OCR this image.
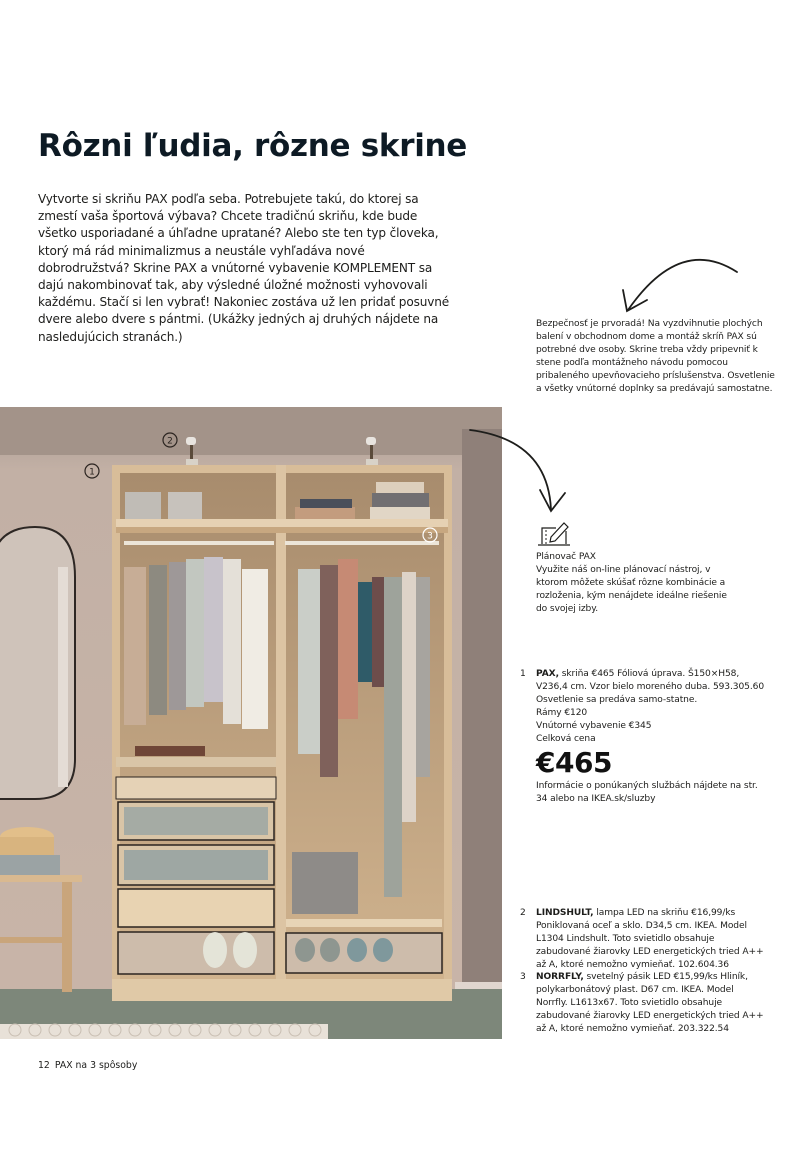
Rôzni ľudia, rôzne skrine

Vytvorte si skriňu PAX podľa seba. Potrebujete takú, do ktorej sa zmestí vaša športová výbava? Chcete tradičnú skriňu, kde bude všetko usporiadané a úhľadne upratané? Alebo ste ten typ človeka, ktorý má rád minimalizmus a neustále vyhľadáva nové dobrodružstvá? Skrine PAX a vnútorné vybavenie KOMPLEMENT sa dajú nakombinovať tak, aby výsledné úložné možnosti vyhovovali každému. Stačí si len vybrať! Nakoniec zostáva už len pridať posuvné dvere alebo dvere s pántmi. (Ukážky jedných aj druhých nájdete na nasledujúcich stranách.)

Bezpečnosť je prvoradá! Na vyzdvihnutie plochých balení v obchodnom dome a montáž skríň PAX sú potrebné dve osoby. Skrine treba vždy pripevniť k stene podľa montážneho návodu pomocou pribaleného upevňovacieho príslušenstva. Osvetlenie a všetky vnútorné doplnky sa predávajú samostatne.

Plánovač PAX
Využite náš on-line plánovací nástroj, v ktorom môžete skúšať rôzne kombinácie a rozloženia, kým nenájdete ideálne riešenie do svojej izby.
1	PAX, skriňa €465 Fóliová úprava. Š150×H58, V236,4 cm. Vzor bielo moreného duba. 593.305.60 Osvetlenie sa predáva samo-statne.
Rámy €120
Vnútorné vybavenie €345
Celková cena
€465
Informácie o ponúkaných službách nájdete na str. 34 alebo na IKEA.sk/sluzby
2	LINDSHULT, lampa LED na skriňu €16,99/ks Poniklovaná oceľ a sklo. D34,5 cm. IKEA. Model L1304 Lindshult. Toto svietidlo obsahuje zabudované žiarovky LED energetických tried A++ až A, ktoré nemožno vymieňať. 102.604.36
3	NORRFLY, svetelný pásik LED €15,99/ks Hliník, polykarbonátový plast. D67 cm. IKEA. Model Norrfly. L1613x67. Toto svietidlo obsahuje zabudované žiarovky LED energetických tried A++ až A, ktoré nemožno vymieňať. 203.322.54
2
1
3
12 PAX na 3 spôsoby
